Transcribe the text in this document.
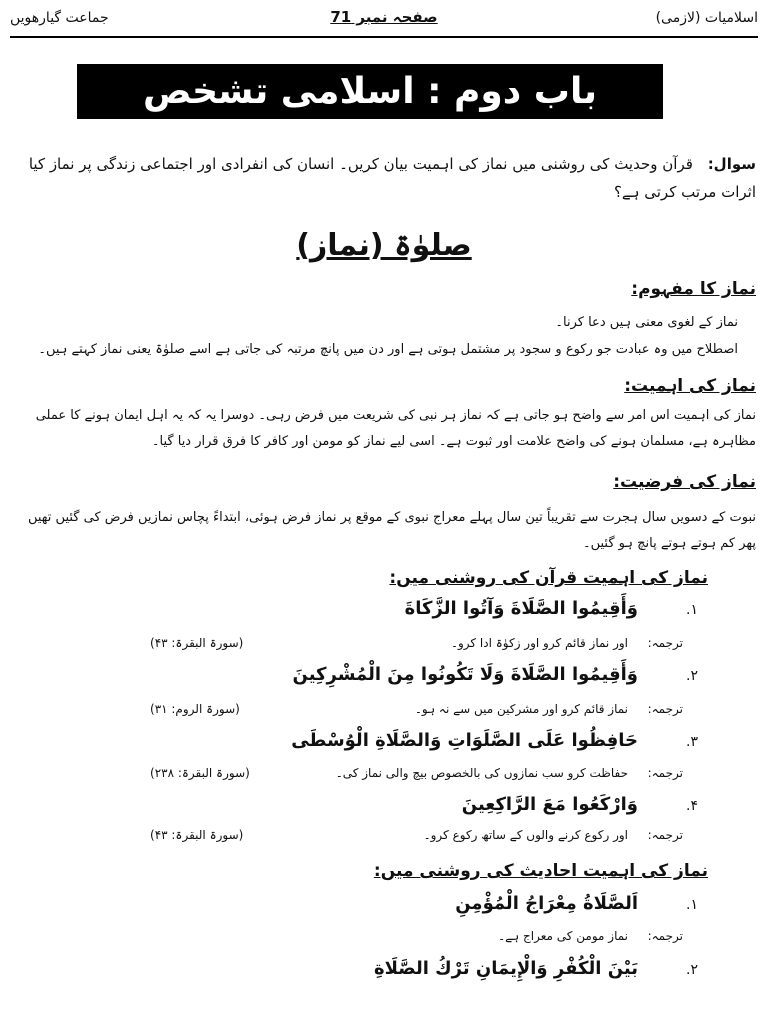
اسلامیات (لازمی)
صفحہ نمبر 71
جماعت گیارھویں
باب دوم : اسلامی تشخص
سوال: قرآن وحدیث کی روشنی میں نماز کی اہمیت بیان کریں۔ انسان کی انفرادی اور اجتماعی زندگی پر نماز کیا اثرات مرتب کرتی ہے؟
صلوٰۃ (نماز)
نماز کا مفہوم:
نماز کے لغوی معنی ہیں دعا کرنا۔
اصطلاح میں وہ عبادت جو رکوع و سجود پر مشتمل ہوتی ہے اور دن میں پانچ مرتبہ کی جاتی ہے اسے صلوٰۃ یعنی نماز کہتے ہیں۔
نماز کی اہمیت:
نماز کی اہمیت اس امر سے واضح ہو جاتی ہے کہ نماز ہر نبی کی شریعت میں فرض رہی۔ دوسرا یہ کہ یہ اہل ایمان ہونے کا عملی مظاہرہ ہے، مسلمان ہونے کی واضح علامت اور ثبوت ہے۔ اسی لیے نماز کو مومن اور کافر کا فرق قرار دیا گیا۔
نماز کی فرضیت:
نبوت کے دسویں سال ہجرت سے تقریباً تین سال پہلے معراج نبوی کے موقع پر نماز فرض ہوئی، ابتداءً پچاس نمازیں فرض کی گئیں تھیں پھر کم ہوتے ہوتے پانچ ہو گئیں۔
نماز کی اہمیت قرآن کی روشنی میں:
۱.
وَأَقِیمُوا الصَّلَاةَ وَآتُوا الزَّكَاةَ
ترجمہ:
اور نماز قائم کرو اور زکوٰۃ ادا کرو۔
(سورۃ البقرۃ: ۴۳)
۲.
وَأَقِیمُوا الصَّلَاةَ وَلَا تَكُونُوا مِنَ الْمُشْرِكِينَ
ترجمہ:
نماز قائم کرو اور مشرکین میں سے نہ ہو۔
(سورۃ الروم: ۳۱)
۳.
حَافِظُوا عَلَى الصَّلَوَاتِ وَالصَّلَاةِ الْوُسْطَى
ترجمہ:
حفاظت کرو سب نمازوں کی بالخصوص بیچ والی نماز کی۔
(سورۃ البقرۃ: ۲۳۸)
۴.
وَارْكَعُوا مَعَ الرَّاكِعِينَ
ترجمہ:
اور رکوع کرنے والوں کے ساتھ رکوع کرو۔
(سورۃ البقرۃ: ۴۳)
نماز کی اہمیت احادیث کی روشنی میں:
۱.
اَلصَّلَاةُ مِعْرَاجُ الْمُؤْمِنِ
ترجمہ:
نماز مومن کی معراج ہے۔
۲.
بَيْنَ الْكُفْرِ وَالْإِيمَانِ تَرْكُ الصَّلَاةِ
